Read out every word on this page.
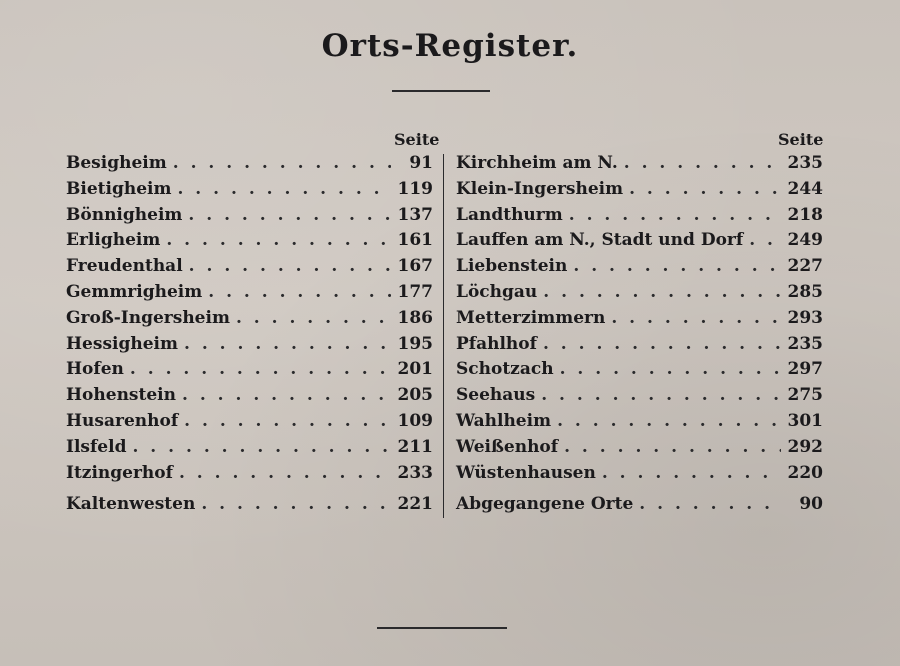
Orts-Register.
Seite	Seite
Besigheim . . .	91
Bietigheim . . .	119
Bönnigheim . . .	137
Erligheim . . .	161
Freudenthal . . .	167
Gemmrigheim . . .	177
Groß-Ingersheim . . .	186
Hessigheim . . .	195
Hofen . . .	201
Hohenstein . . .	205
Husarenhof . . .	109
Ilsfeld . . .	211
Itzingerhof . . .	233
Kaltenwesten . . .	221
Kirchheim am N. . . .	235
Klein-Ingersheim . . .	244
Landthurm . . .	218
Lauffen am N., Stadt und Dorf . . .	249
Liebenstein . . .	227
Löchgau . . .	285
Metterzimmern . . .	293
Pfahlhof . . .	235
Schotzach . . .	297
Seehaus . . .	275
Wahlheim . . .	301
Weißenhof . . .	292
Wüstenhausen . . .	220
Abgegangene Orte . . .	90
